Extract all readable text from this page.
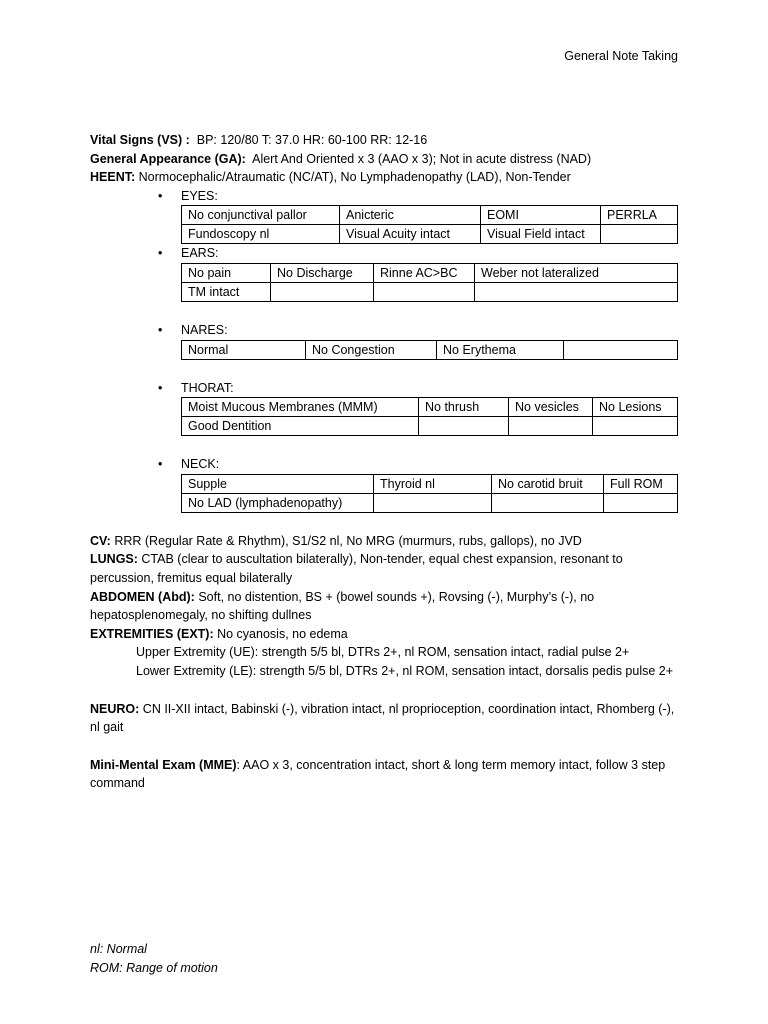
General Note Taking
Vital Signs (VS) : BP: 120/80 T: 37.0 HR: 60-100 RR: 12-16
General Appearance (GA): Alert And Oriented x 3 (AAO x 3); Not in acute distress (NAD)
HEENT: Normocephalic/Atraumatic (NC/AT), No Lymphadenopathy (LAD), Non-Tender
• EYES:
No conjunctival pallor	Anicteric	EOMI	PERRLA
Fundoscopy nl	Visual Acuity intact	Visual Field intact	
• EARS:
No pain	No Discharge	Rinne AC>BC	Weber not lateralized
TM intact			
• NARES:
Normal	No Congestion	No Erythema	
• THORAT:
Moist Mucous Membranes (MMM)	No thrush	No vesicles	No Lesions
Good Dentition			
• NECK:
Supple	Thyroid nl	No carotid bruit	Full ROM
No LAD (lymphadenopathy)			
CV: RRR (Regular Rate & Rhythm), S1/S2 nl, No MRG (murmurs, rubs, gallops), no JVD
LUNGS: CTAB (clear to auscultation bilaterally), Non-tender, equal chest expansion, resonant to percussion, fremitus equal bilaterally
ABDOMEN (Abd): Soft, no distention, BS + (bowel sounds +), Rovsing (-), Murphy’s (-), no hepatosplenomegaly, no shifting dullnes
EXTREMITIES (EXT): No cyanosis, no edema
Upper Extremity (UE): strength 5/5 bl, DTRs 2+, nl ROM, sensation intact, radial pulse 2+
Lower Extremity (LE): strength 5/5 bl, DTRs 2+, nl ROM, sensation intact, dorsalis pedis pulse 2+
NEURO: CN II-XII intact, Babinski (-), vibration intact, nl proprioception, coordination intact, Rhomberg (-), nl gait
Mini-Mental Exam (MME): AAO x 3, concentration intact, short & long term memory intact, follow 3 step command
nl: Normal
ROM: Range of motion
